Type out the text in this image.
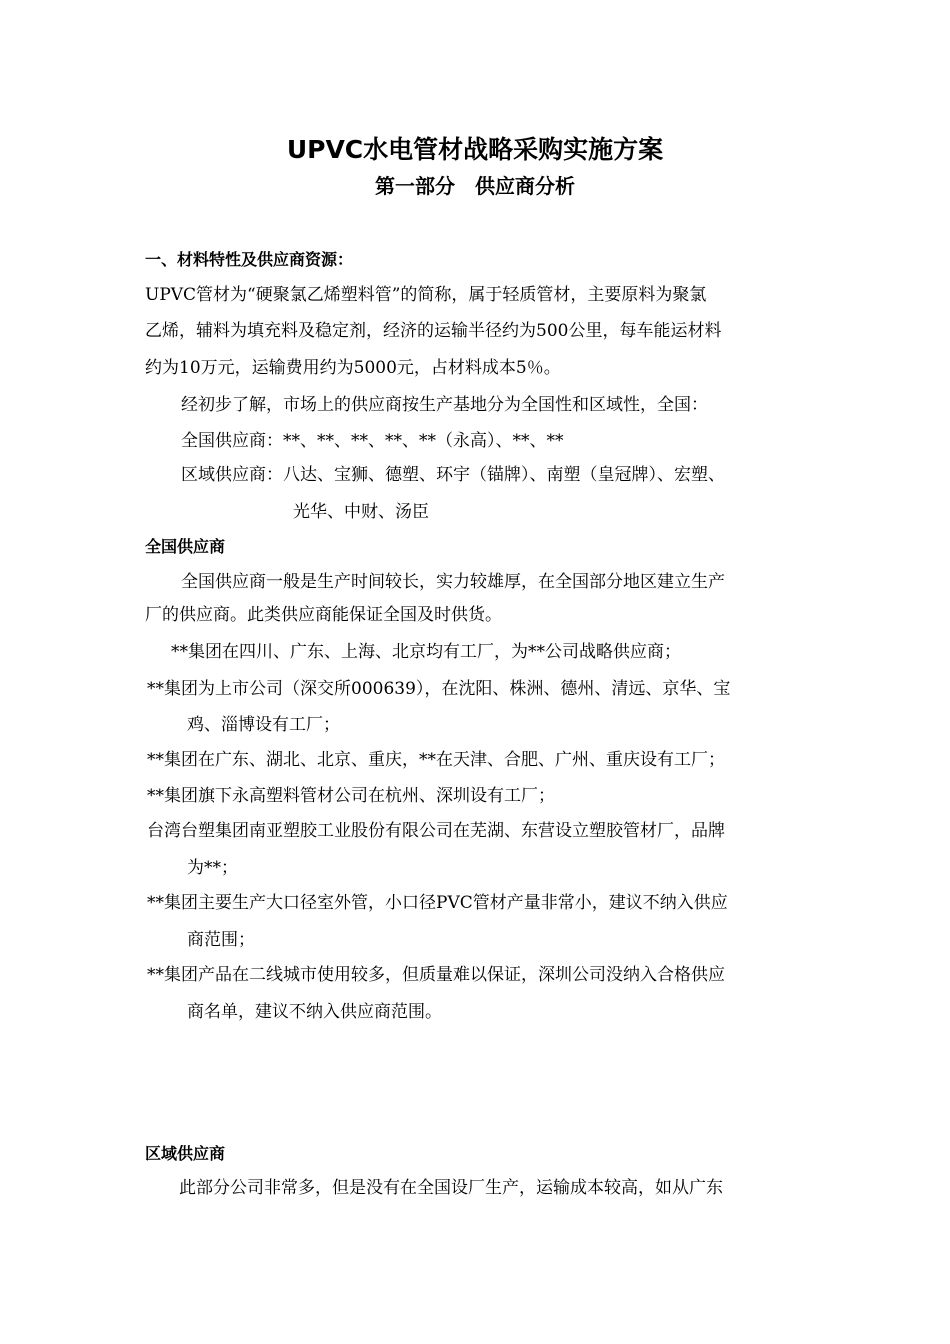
UPVC水电管材战略采购实施方案
第一部分　供应商分析
一、材料特性及供应商资源：
UPVC管材为“硬聚氯乙烯塑料管”的简称，属于轻质管材，主要原料为聚氯
乙烯，辅料为填充料及稳定剂，经济的运输半径约为500公里，每车能运材料
约为10万元，运输费用约为5000元，占材料成本5％。
经初步了解，市场上的供应商按生产基地分为全国性和区域性，全国：
全国供应商：**、**、**、**、**（永高）、**、**
区域供应商：八达、宝狮、德塑、环宇（锚牌）、南塑（皇冠牌）、宏塑、
光华、中财、汤臣
全国供应商
全国供应商一般是生产时间较长，实力较雄厚，在全国部分地区建立生产
厂的供应商。此类供应商能保证全国及时供货。
**集团在四川、广东、上海、北京均有工厂，为**公司战略供应商；
**集团为上市公司（深交所000639），在沈阳、株洲、德州、清远、京华、宝
鸡、淄博设有工厂；
**集团在广东、湖北、北京、重庆，**在天津、合肥、广州、重庆设有工厂；
**集团旗下永高塑料管材公司在杭州、深圳设有工厂；
台湾台塑集团南亚塑胶工业股份有限公司在芜湖、东营设立塑胶管材厂，品牌
为**；
**集团主要生产大口径室外管，小口径PVC管材产量非常小，建议不纳入供应
商范围；
**集团产品在二线城市使用较多，但质量难以保证，深圳公司没纳入合格供应
商名单，建议不纳入供应商范围。
区域供应商
此部分公司非常多，但是没有在全国设厂生产，运输成本较高，如从广东
